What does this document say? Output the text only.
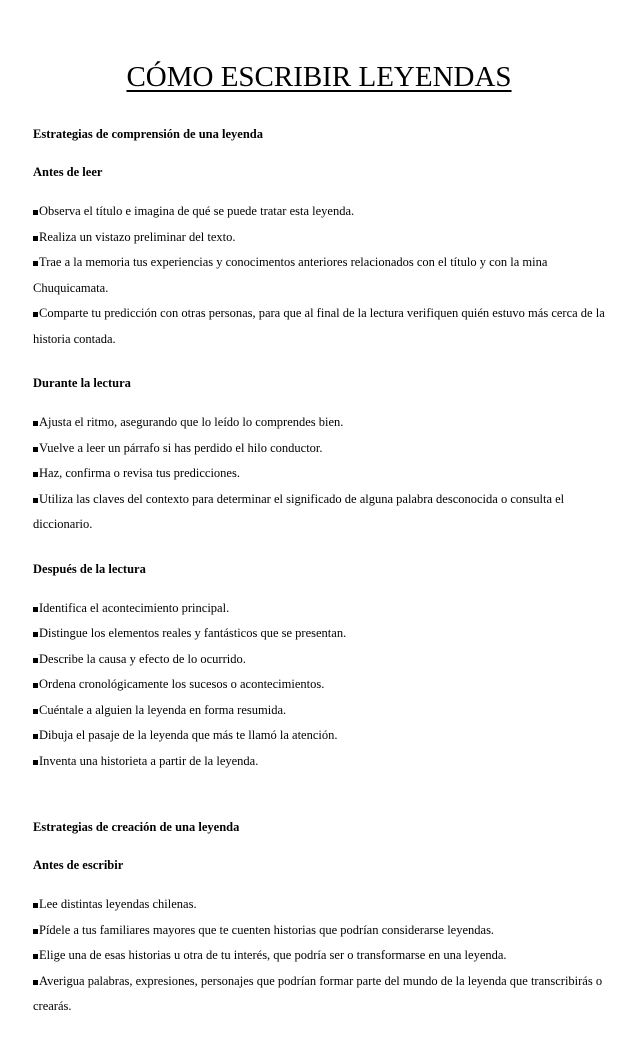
CÓMO ESCRIBIR LEYENDAS
Estrategias de comprensión de una leyenda
Antes de leer
Observa el título e imagina de qué se puede tratar esta leyenda.
Realiza un vistazo preliminar del texto.
Trae a la memoria tus experiencias y conocimentos anteriores relacionados con el título y con la mina Chuquicamata.
Comparte tu predicción con otras personas, para que al final de la lectura verifiquen quién estuvo más cerca de la historia contada.
Durante la lectura
Ajusta el ritmo, asegurando que lo leído lo comprendes bien.
Vuelve a leer un párrafo si has perdido el hilo conductor.
Haz, confirma o revisa tus predicciones.
Utiliza las claves del contexto para determinar el significado de alguna palabra desconocida o consulta el diccionario.
Después de la lectura
Identifica el acontecimiento principal.
Distingue los elementos reales y fantásticos que se presentan.
Describe la causa y efecto de lo ocurrido.
Ordena cronológicamente los sucesos o acontecimientos.
Cuéntale a alguien la leyenda en forma resumida.
Dibuja el pasaje de la leyenda que más te llamó la atención.
Inventa una historieta a partir de la leyenda.
Estrategias de creación de una leyenda
Antes de escribir
Lee distintas leyendas chilenas.
Pídele a tus familiares mayores que te cuenten historias que podrían considerarse leyendas.
Elige una de esas historias u otra de tu interés, que podría ser o transformarse en una leyenda.
Averigua palabras, expresiones, personajes que podrían formar parte del mundo de la leyenda que transcribirás o crearás.
